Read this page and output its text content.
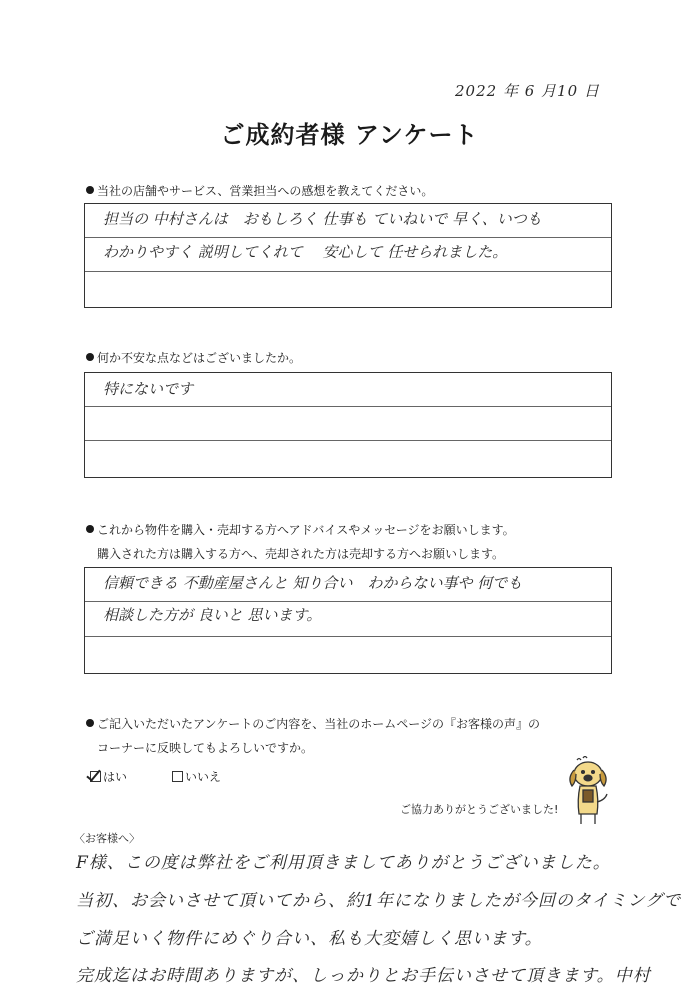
2022 年 6 月10 日
ご成約者様 アンケート
当社の店舗やサービス、営業担当への感想を教えてください。
担当の 中村さんは　おもしろく 仕事も ていねいで 早く、いつも
わかりやすく 説明してくれて　 安心して 任せられました。
何か不安な点などはございましたか。
特にないです
これから物件を購入・売却する方へアドバイスやメッセージをお願いします。
購入された方は購入する方へ、売却された方は売却する方へお願いします。
信頼できる 不動産屋さんと 知り合い　わからない事や 何でも
相談した方が 良いと 思います。
ご記入いただいたアンケートのご内容を、当社のホームページの『お客様の声』の
コーナーに反映してもよろしいですか。
はい	いいえ
ご協力ありがとうございました!
〈お客様へ〉
F様、この度は弊社をご利用頂きましてありがとうございました。
当初、お会いさせて頂いてから、約1年になりましたが今回のタイミングで
ご満足いく物件にめぐり合い、私も大変嬉しく思います。
完成迄はお時間ありますが、しっかりとお手伝いさせて頂きます。中村
